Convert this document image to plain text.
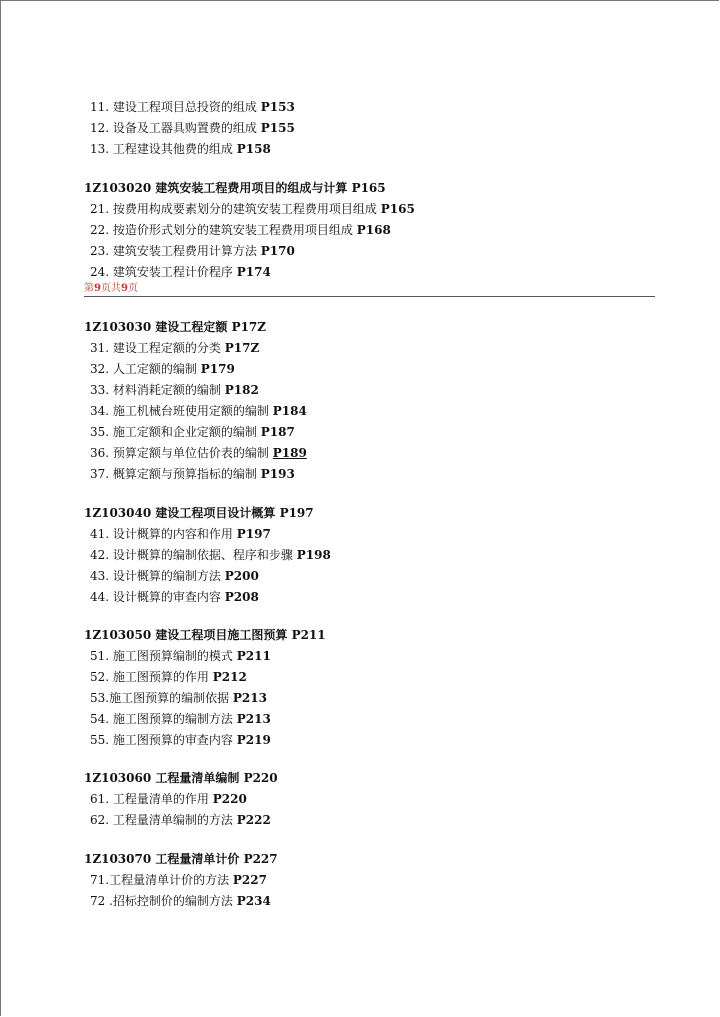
11. 建设工程项目总投资的组成 P153
12. 设备及工器具购置费的组成 P155
13. 工程建设其他费的组成 P158
1Z103020 建筑安装工程费用项目的组成与计算 P165
21. 按费用构成要素划分的建筑安装工程费用项目组成 P165
22. 按造价形式划分的建筑安装工程费用项目组成 P168
23. 建筑安装工程费用计算方法 P170
24. 建筑安装工程计价程序 P174
第9页共9页
1Z103030 建设工程定额 P17Z
31. 建设工程定额的分类 P17Z
32. 人工定额的编制 P179
33. 材料消耗定额的编制 P182
34. 施工机械台班使用定额的编制 P184
35. 施工定额和企业定额的编制 P187
36. 预算定额与单位估价表的编制 P189
37. 概算定额与预算指标的编制 P193
1Z103040 建设工程项目设计概算 P197
41. 设计概算的内容和作用 P197
42. 设计概算的编制依据、程序和步骤 P198
43. 设计概算的编制方法 P200
44. 设计概算的审查内容 P208
1Z103050 建设工程项目施工图预算 P211
51. 施工图预算编制的模式 P211
52. 施工图预算的作用 P212
53.施工图预算的编制依据 P213
54. 施工图预算的编制方法 P213
55. 施工图预算的审查内容 P219
1Z103060 工程量清单编制 P220
61. 工程量清单的作用 P220
62. 工程量清单编制的方法 P222
1Z103070 工程量清单计价 P227
71.工程量清单计价的方法 P227
72 .招标控制价的编制方法 P234
